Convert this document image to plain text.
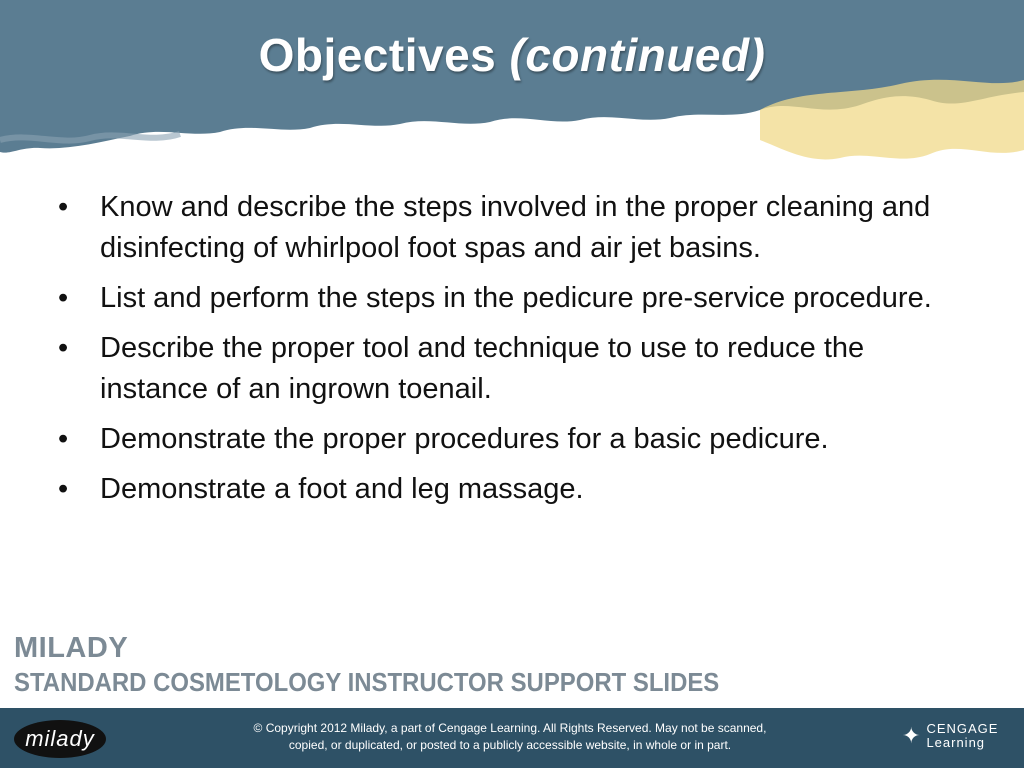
Objectives (continued)
• Know and describe the steps involved in the proper cleaning and disinfecting of whirlpool foot spas and air jet basins.
• List and perform the steps in the pedicure pre-service procedure.
• Describe the proper tool and technique to use to reduce the instance of an ingrown toenail.
• Demonstrate the proper procedures for a basic pedicure.
• Demonstrate a foot and leg massage.
MILADY
STANDARD COSMETOLOGY INSTRUCTOR SUPPORT SLIDES
milady	© Copyright 2012 Milady, a part of Cengage Learning. All Rights Reserved. May not be scanned,
copied, or duplicated, or posted to a publicly accessible website, in whole or in part.	✦ CENGAGE
Learning
